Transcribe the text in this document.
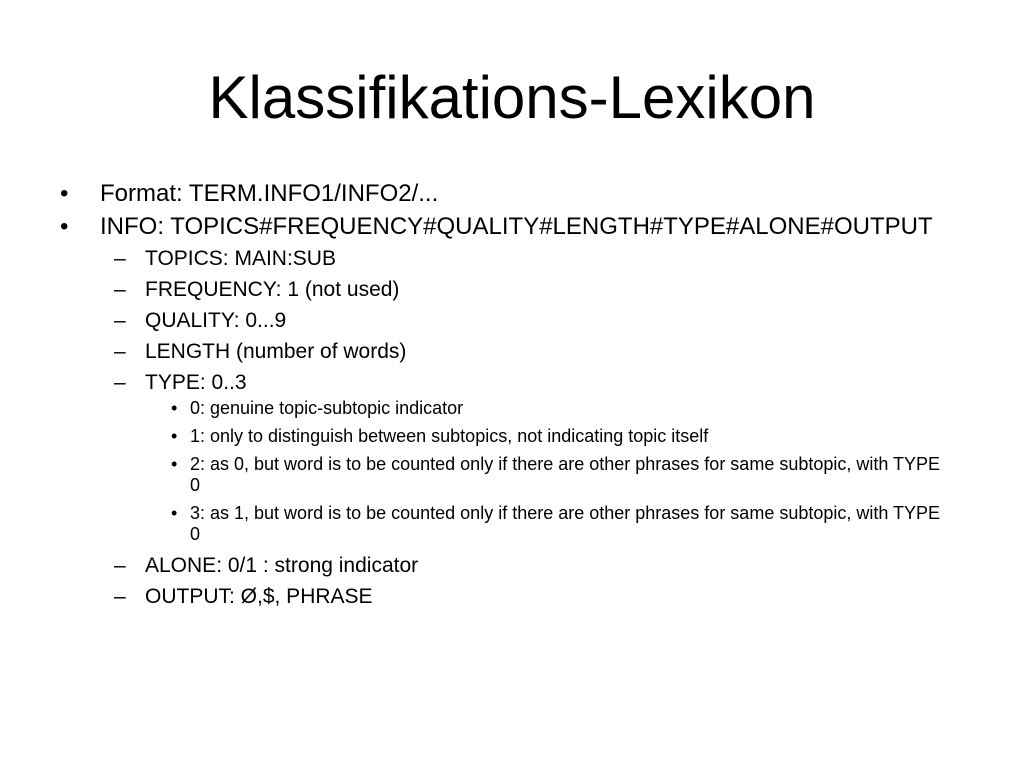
Klassifikations-Lexikon
• Format: TERM.INFO1/INFO2/...
• INFO: TOPICS#FREQUENCY#QUALITY#LENGTH#TYPE#ALONE#OUTPUT
– TOPICS: MAIN:SUB
– FREQUENCY: 1 (not used)
– QUALITY: 0...9
– LENGTH (number of words)
– TYPE: 0..3
• 0: genuine topic-subtopic indicator
• 1: only to distinguish between subtopics, not indicating topic itself
• 2: as 0, but word is to be counted only if there are other phrases for same subtopic, with TYPE 0
• 3: as 1, but word is to be counted only if there are other phrases for same subtopic, with TYPE 0
– ALONE: 0/1 : strong indicator
– OUTPUT: Ø,$, PHRASE
